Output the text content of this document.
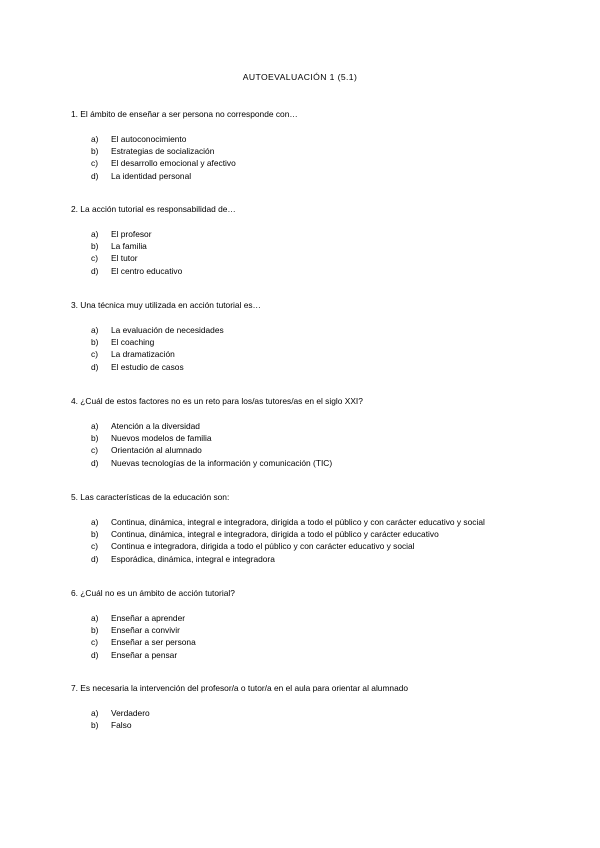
AUTOEVALUACIÓN 1 (5.1)

1. El ámbito de enseñar a ser persona no corresponde con…

a)	El autoconocimiento
b)	Estrategias de socialización
c)	El desarrollo emocional y afectivo
d)	La identidad personal

2. La acción tutorial es responsabilidad de…

a)	El profesor
b)	La familia
c)	El tutor
d)	El centro educativo

3. Una técnica muy utilizada en acción tutorial es…

a)	La evaluación de necesidades
b)	El coaching
c)	La dramatización
d)	El estudio de casos

4. ¿Cuál de estos factores no es un reto para los/as tutores/as en el siglo XXI?

a)	Atención a la diversidad
b)	Nuevos modelos de familia
c)	Orientación al alumnado
d)	Nuevas tecnologías de la información y comunicación (TIC)

5. Las características de la educación son:

a)	Continua, dinámica, integral e integradora, dirigida a todo el público y con carácter educativo y social
b)	Continua, dinámica, integral e integradora, dirigida a todo el público y carácter educativo
c)	Continua e integradora, dirigida a todo el público y con carácter educativo y social
d)	Esporádica, dinámica, integral e integradora

6. ¿Cuál no es un ámbito de acción tutorial?

a)	Enseñar a aprender
b)	Enseñar a convivir
c)	Enseñar a ser persona
d)	Enseñar a pensar

7. Es necesaria la intervención del profesor/a o tutor/a en el aula para orientar al alumnado

a)	Verdadero
b)	Falso
